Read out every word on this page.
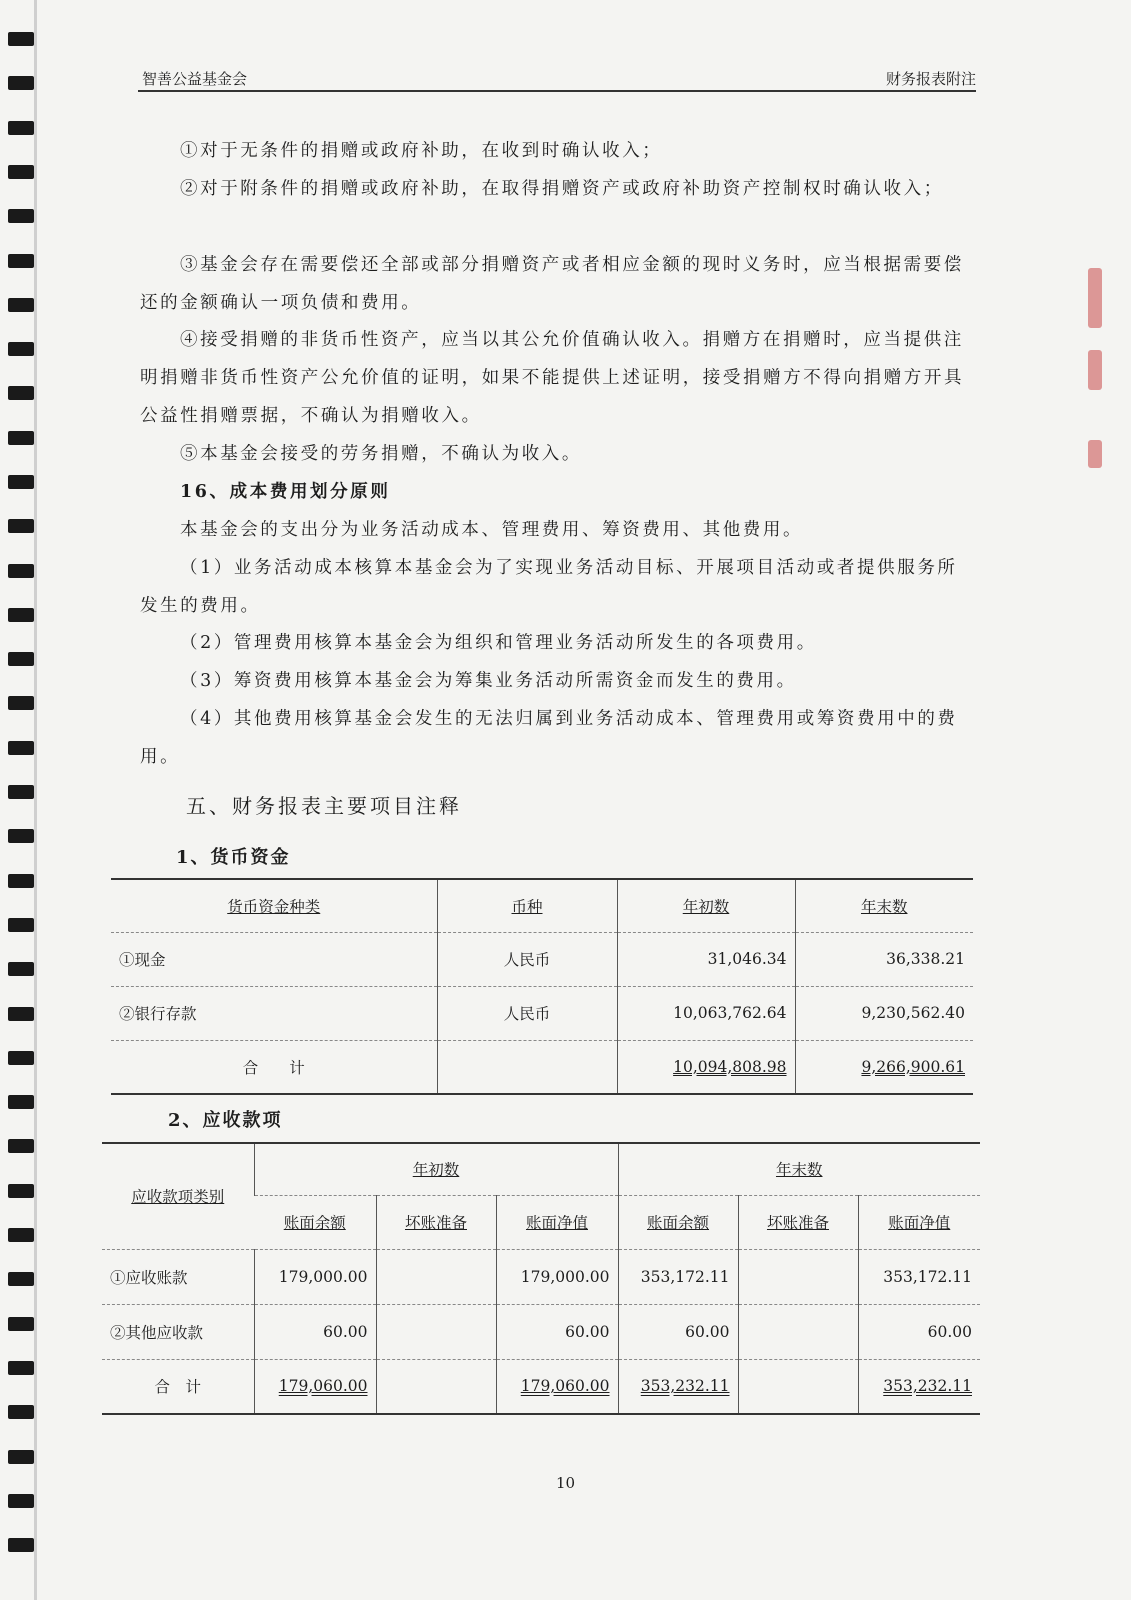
智善公益基金会	财务报表附注
①对于无条件的捐赠或政府补助，在收到时确认收入；
②对于附条件的捐赠或政府补助，在取得捐赠资产或政府补助资产控制权时确认收入；
③基金会存在需要偿还全部或部分捐赠资产或者相应金额的现时义务时，应当根据需要偿还的金额确认一项负债和费用。
④接受捐赠的非货币性资产，应当以其公允价值确认收入。捐赠方在捐赠时，应当提供注明捐赠非货币性资产公允价值的证明，如果不能提供上述证明，接受捐赠方不得向捐赠方开具公益性捐赠票据，不确认为捐赠收入。
⑤本基金会接受的劳务捐赠，不确认为收入。
16、成本费用划分原则
本基金会的支出分为业务活动成本、管理费用、筹资费用、其他费用。
（1）业务活动成本核算本基金会为了实现业务活动目标、开展项目活动或者提供服务所发生的费用。
（2）管理费用核算本基金会为组织和管理业务活动所发生的各项费用。
（3）筹资费用核算本基金会为筹集业务活动所需资金而发生的费用。
（4）其他费用核算基金会发生的无法归属到业务活动成本、管理费用或筹资费用中的费用。
五、财务报表主要项目注释
1、货币资金
货币资金种类	币种	年初数	年末数
①现金	人民币	31,046.34	36,338.21
②银行存款	人民币	10,063,762.64	9,230,562.40
合　　计		10,094,808.98	9,266,900.61
2、应收款项
应收款项类别	年初数			年末数		
	账面余额	坏账准备	账面净值	账面余额	坏账准备	账面净值
①应收账款	179,000.00		179,000.00	353,172.11		353,172.11
②其他应收款	60.00		60.00	60.00		60.00
合　计	179,060.00		179,060.00	353,232.11		353,232.11
10
